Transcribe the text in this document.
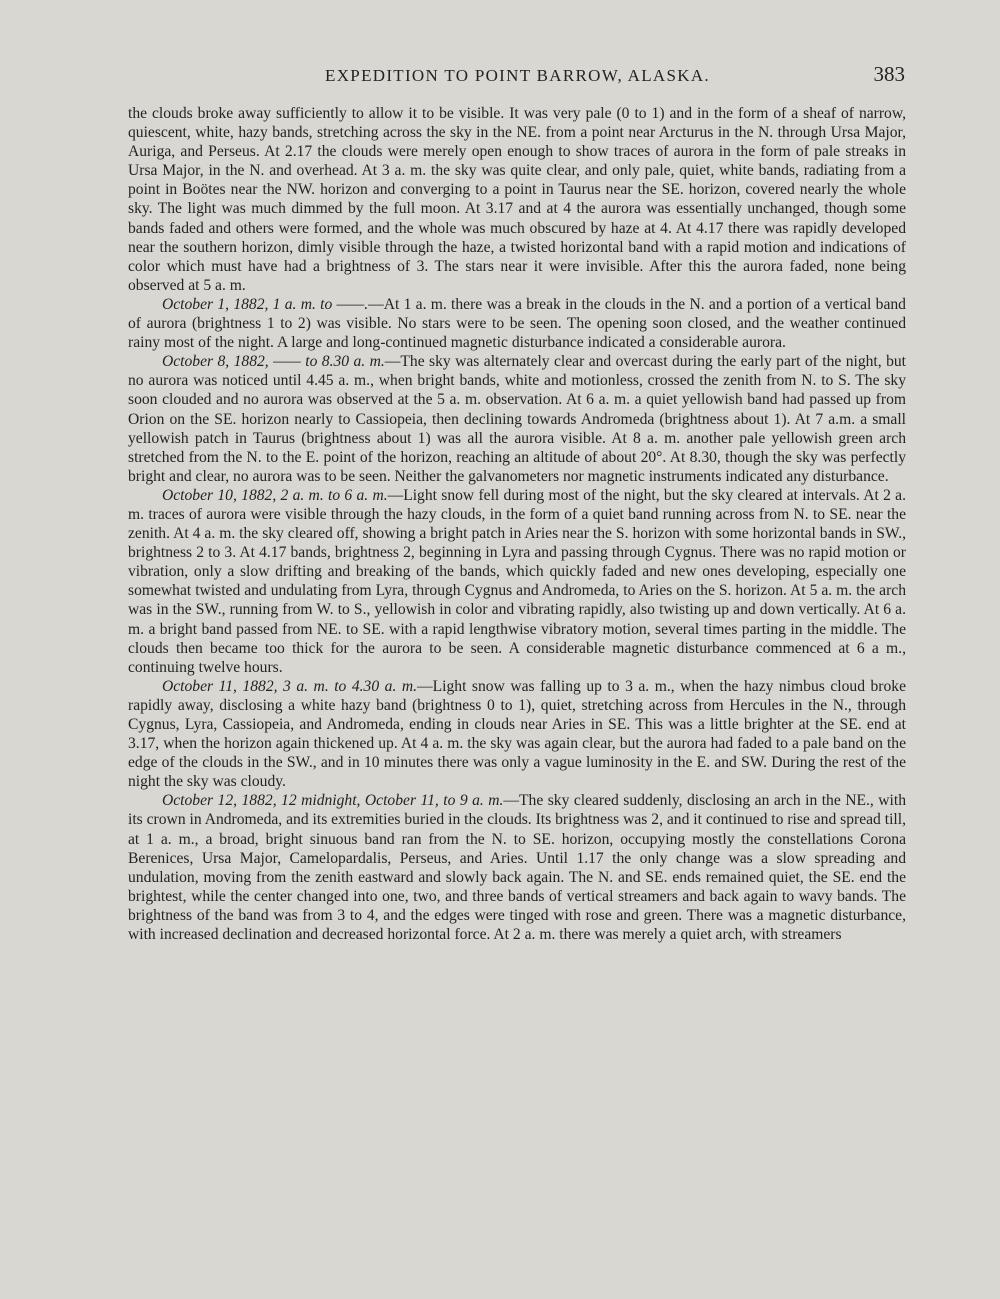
EXPEDITION TO POINT BARROW, ALASKA.	383

the clouds broke away sufficiently to allow it to be visible. It was very pale (0 to 1) and in the form of a sheaf of narrow, quiescent, white, hazy bands, stretching across the sky in the NE. from a point near Arcturus in the N. through Ursa Major, Auriga, and Perseus. At 2.17 the clouds were merely open enough to show traces of aurora in the form of pale streaks in Ursa Major, in the N. and overhead. At 3 a. m. the sky was quite clear, and only pale, quiet, white bands, radiating from a point in Boötes near the NW. horizon and converging to a point in Taurus near the SE. horizon, covered nearly the whole sky. The light was much dimmed by the full moon. At 3.17 and at 4 the aurora was essentially unchanged, though some bands faded and others were formed, and the whole was much obscured by haze at 4. At 4.17 there was rapidly developed near the southern horizon, dimly visible through the haze, a twisted horizontal band with a rapid motion and indications of color which must have had a brightness of 3. The stars near it were invisible. After this the aurora faded, none being observed at 5 a. m.

October 1, 1882, 1 a. m. to ——.—At 1 a. m. there was a break in the clouds in the N. and a portion of a vertical band of aurora (brightness 1 to 2) was visible. No stars were to be seen. The opening soon closed, and the weather continued rainy most of the night. A large and long-continued magnetic disturbance indicated a considerable aurora.

October 8, 1882, —— to 8.30 a. m.—The sky was alternately clear and overcast during the early part of the night, but no aurora was noticed until 4.45 a. m., when bright bands, white and motionless, crossed the zenith from N. to S. The sky soon clouded and no aurora was observed at the 5 a. m. observation. At 6 a. m. a quiet yellowish band had passed up from Orion on the SE. horizon nearly to Cassiopeia, then declining towards Andromeda (brightness about 1). At 7 a.m. a small yellowish patch in Taurus (brightness about 1) was all the aurora visible. At 8 a. m. another pale yellowish green arch stretched from the N. to the E. point of the horizon, reaching an altitude of about 20°. At 8.30, though the sky was perfectly bright and clear, no aurora was to be seen. Neither the galvanometers nor magnetic instruments indicated any disturbance.

October 10, 1882, 2 a. m. to 6 a. m.—Light snow fell during most of the night, but the sky cleared at intervals. At 2 a. m. traces of aurora were visible through the hazy clouds, in the form of a quiet band running across from N. to SE. near the zenith. At 4 a. m. the sky cleared off, showing a bright patch in Aries near the S. horizon with some horizontal bands in SW., brightness 2 to 3. At 4.17 bands, brightness 2, beginning in Lyra and passing through Cygnus. There was no rapid motion or vibration, only a slow drifting and breaking of the bands, which quickly faded and new ones developing, especially one somewhat twisted and undulating from Lyra, through Cygnus and Andromeda, to Aries on the S. horizon. At 5 a. m. the arch was in the SW., running from W. to S., yellowish in color and vibrating rapidly, also twisting up and down vertically. At 6 a. m. a bright band passed from NE. to SE. with a rapid lengthwise vibratory motion, several times parting in the middle. The clouds then became too thick for the aurora to be seen. A considerable magnetic disturbance commenced at 6 a m., continuing twelve hours.

October 11, 1882, 3 a. m. to 4.30 a. m.—Light snow was falling up to 3 a. m., when the hazy nimbus cloud broke rapidly away, disclosing a white hazy band (brightness 0 to 1), quiet, stretching across from Hercules in the N., through Cygnus, Lyra, Cassiopeia, and Andromeda, ending in clouds near Aries in SE. This was a little brighter at the SE. end at 3.17, when the horizon again thickened up. At 4 a. m. the sky was again clear, but the aurora had faded to a pale band on the edge of the clouds in the SW., and in 10 minutes there was only a vague luminosity in the E. and SW. During the rest of the night the sky was cloudy.

October 12, 1882, 12 midnight, October 11, to 9 a. m.—The sky cleared suddenly, disclosing an arch in the NE., with its crown in Andromeda, and its extremities buried in the clouds. Its brightness was 2, and it continued to rise and spread till, at 1 a. m., a broad, bright sinuous band ran from the N. to SE. horizon, occupying mostly the constellations Corona Berenices, Ursa Major, Camelopardalis, Perseus, and Aries. Until 1.17 the only change was a slow spreading and undulation, moving from the zenith eastward and slowly back again. The N. and SE. ends remained quiet, the SE. end the brightest, while the center changed into one, two, and three bands of vertical streamers and back again to wavy bands. The brightness of the band was from 3 to 4, and the edges were tinged with rose and green. There was a magnetic disturbance, with increased declination and decreased horizontal force. At 2 a. m. there was merely a quiet arch, with streamers
